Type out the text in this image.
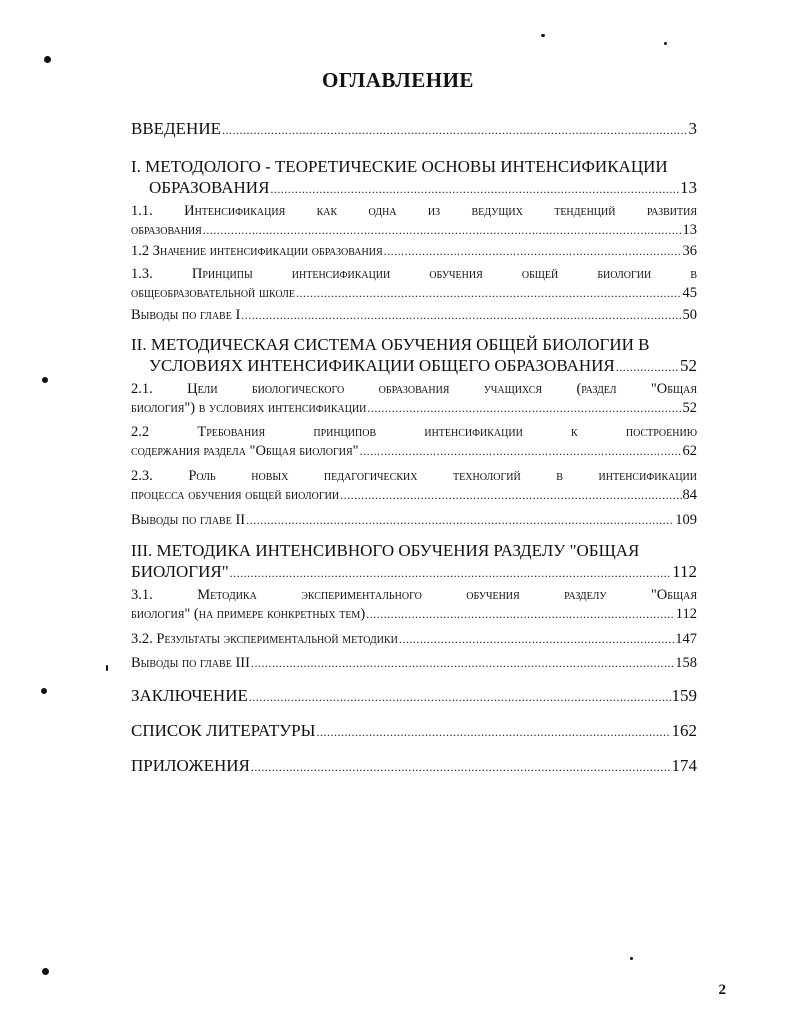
ОГЛАВЛЕНИЕ
ВВЕДЕНИЕ .....	3
I. МЕТОДОЛОГО - ТЕОРЕТИЧЕСКИЕ ОСНОВЫ ИНТЕНСИФИКАЦИИ
ОБРАЗОВАНИЯ .....	13
1.1. Интенсификация как одна из ведущих тенденций развития
образования .....	13
1.2 Значение интенсификации образования .....	36
1.3. Принципы интенсификации обучения общей биологии в
общеобразовательной школе .....	45
Выводы по главе I .....	50
II. МЕТОДИЧЕСКАЯ СИСТЕМА ОБУЧЕНИЯ ОБЩЕЙ БИОЛОГИИ В
УСЛОВИЯХ ИНТЕНСИФИКАЦИИ ОБЩЕГО ОБРАЗОВАНИЯ .....	52
2.1. Цели биологического образования учащихся (раздел "Общая
биология") в условиях интенсификации .....	52
2.2 Требования принципов интенсификации к построению
содержания раздела "Общая биология" .....	62
2.3. Роль новых педагогических технологий в интенсификации
процесса обучения общей биологии .....	84
Выводы по главе II .....	109
III. МЕТОДИКА ИНТЕНСИВНОГО ОБУЧЕНИЯ РАЗДЕЛУ "ОБЩАЯ
БИОЛОГИЯ" .....	112
3.1. Методика экспериментального обучения разделу "Общая
биология" (на примере конкретных тем) .....	112
3.2. Результаты экспериментальной методики .....	147
Выводы по главе III .....	158
ЗАКЛЮЧЕНИЕ .....	159
СПИСОК ЛИТЕРАТУРЫ .....	162
ПРИЛОЖЕНИЯ .....	174
2
